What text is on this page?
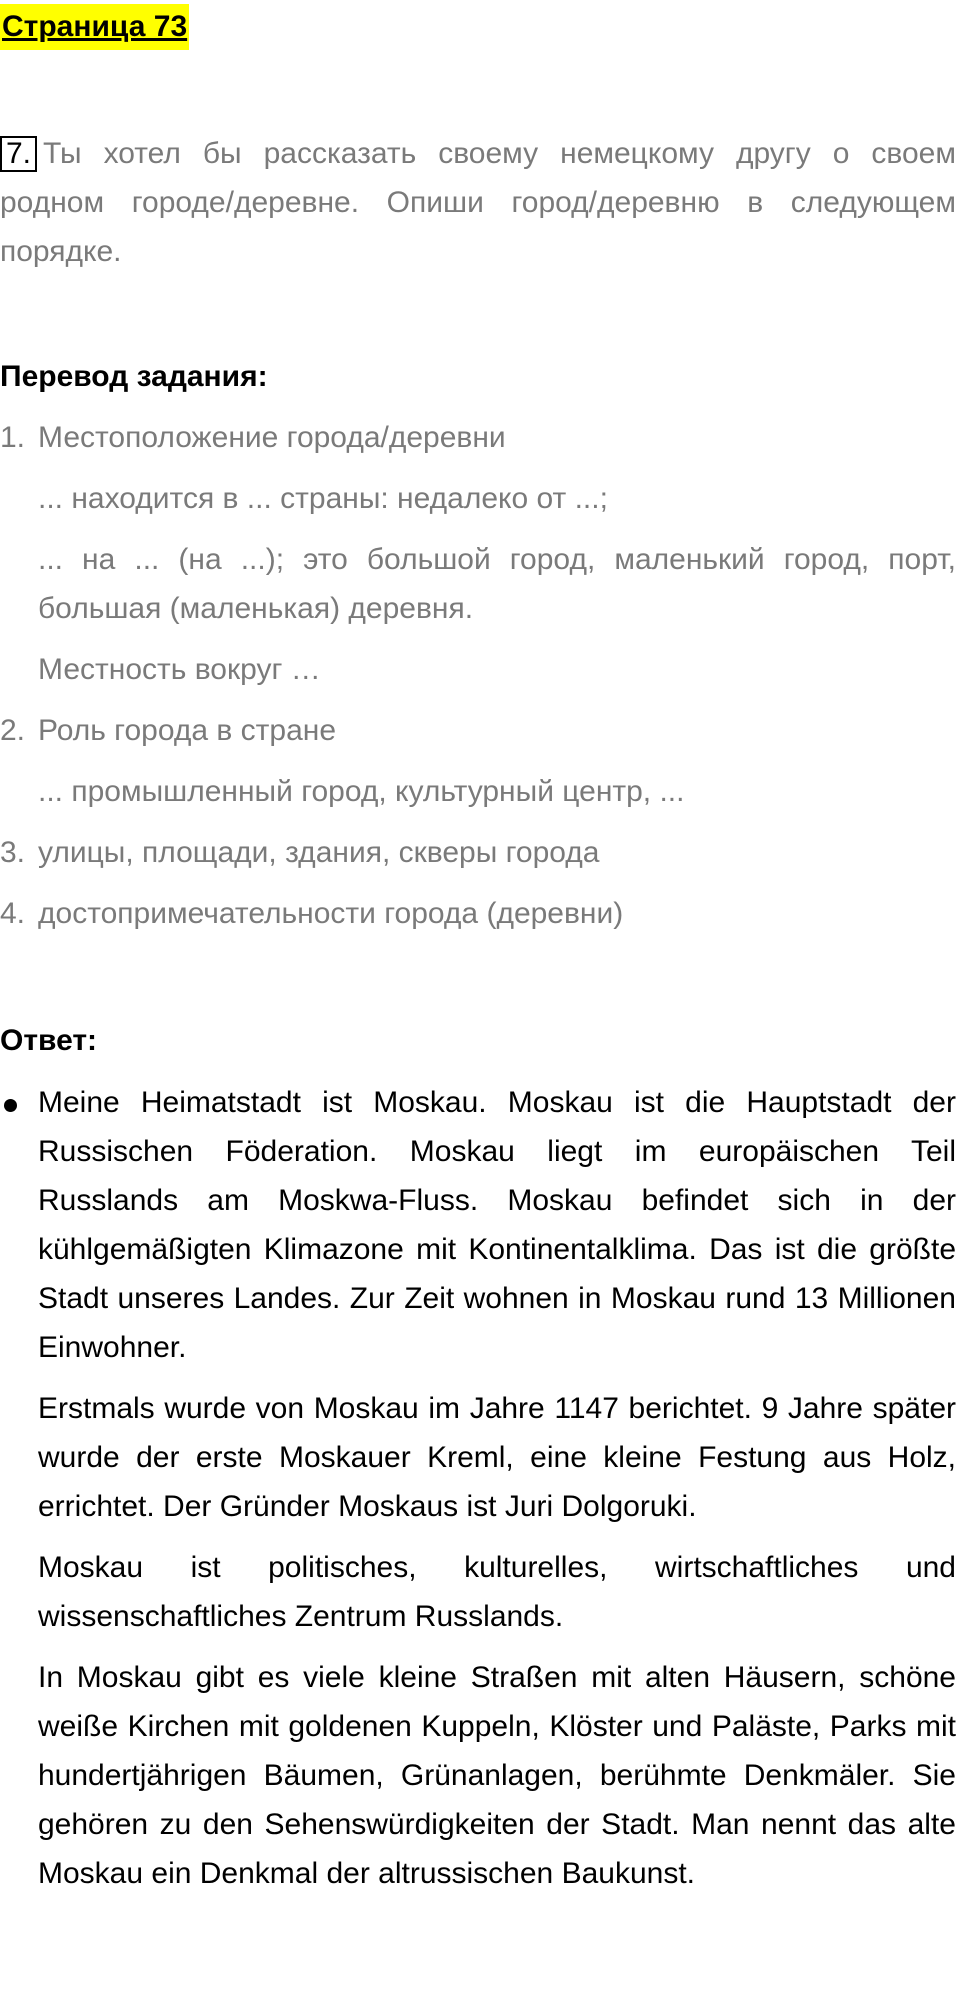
Страница 73
7. Ты хотел бы рассказать своему немецкому другу о своем родном городе/деревне. Опиши город/деревню в следующем порядке.
Перевод задания:
1. Местоположение города/деревни
... находится в ... страны: недалеко от ...;
... на ... (на ...); это большой город, маленький город, порт, большая (маленькая) деревня.
Местность вокруг …
2. Роль города в стране
... промышленный город, культурный центр, ...
3. улицы, площади, здания, скверы города
4. достопримечательности города (деревни)
Ответ:

Meine Heimatstadt ist Moskau. Moskau ist die Hauptstadt der Russischen Föderation. Moskau liegt im europäischen Teil Russlands am Moskwa-Fluss. Moskau befindet sich in der kühlgemäßigten Klimazone mit Kontinentalklima. Das ist die größte Stadt unseres Landes. Zur Zeit wohnen in Moskau rund 13 Millionen Einwohner.

Erstmals wurde von Moskau im Jahre 1147 berichtet. 9 Jahre später wurde der erste Moskauer Kreml, eine kleine Festung aus Holz, errichtet. Der Gründer Moskaus ist Juri Dolgoruki.

Moskau ist politisches, kulturelles, wirtschaftliches und wissenschaftliches Zentrum Russlands.

In Moskau gibt es viele kleine Straßen mit alten Häusern, schöne weiße Kirchen mit goldenen Kuppeln, Klöster und Paläste, Parks mit hundertjährigen Bäumen, Grünanlagen, berühmte Denkmäler. Sie gehören zu den Sehenswürdigkeiten der Stadt. Man nennt das alte Moskau ein Denkmal der altrussischen Baukunst.
